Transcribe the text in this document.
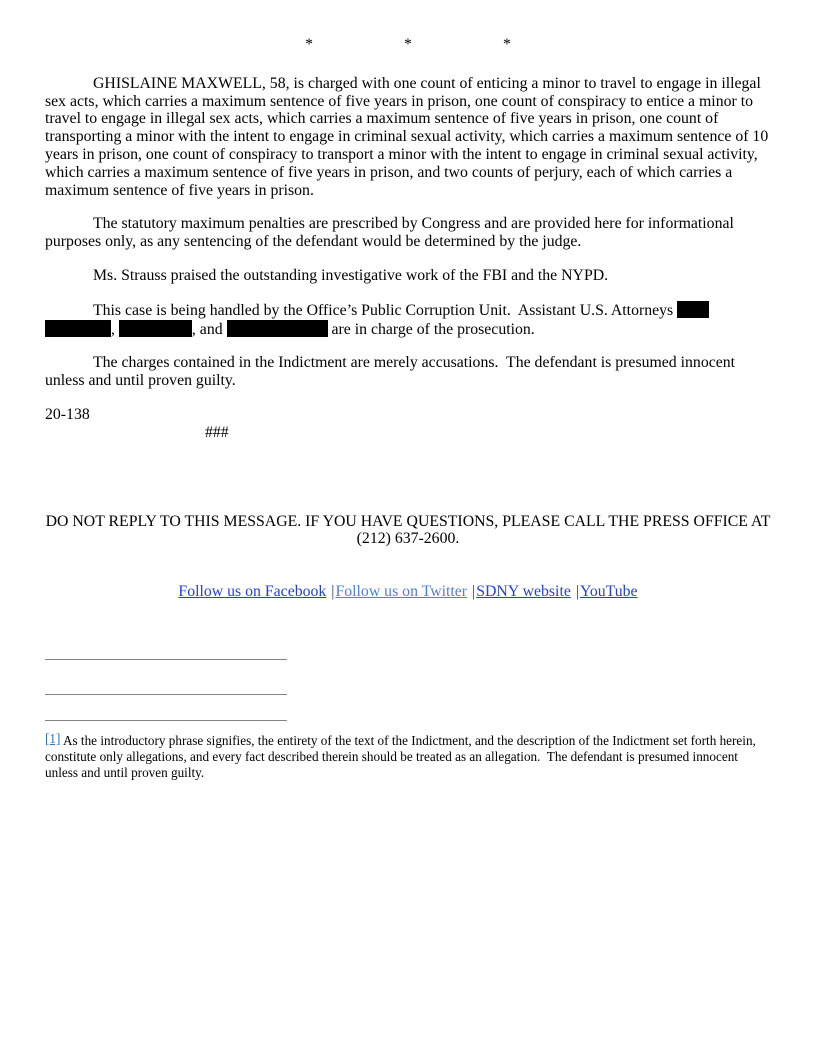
*	*	*

GHISLAINE MAXWELL, 58, is charged with one count of enticing a minor to travel to engage in illegal sex acts, which carries a maximum sentence of five years in prison, one count of conspiracy to entice a minor to travel to engage in illegal sex acts, which carries a maximum sentence of five years in prison, one count of transporting a minor with the intent to engage in criminal sexual activity, which carries a maximum sentence of 10 years in prison, one count of conspiracy to transport a minor with the intent to engage in criminal sexual activity, which carries a maximum sentence of five years in prison, and two counts of perjury, each of which carries a maximum sentence of five years in prison.

The statutory maximum penalties are prescribed by Congress and are provided here for informational purposes only, as any sentencing of the defendant would be determined by the judge.

Ms. Strauss praised the outstanding investigative work of the FBI and the NYPD.

This case is being handled by the Office’s Public Corruption Unit.  Assistant U.S. Attorneys  ,	, and	are in charge of the prosecution.

The charges contained in the Indictment are merely accusations.  The defendant is presumed innocent unless and until proven guilty.

20-138

###

DO NOT REPLY TO THIS MESSAGE. IF YOU HAVE QUESTIONS, PLEASE CALL THE PRESS OFFICE AT (212) 637-2600.

Follow us on Facebook |Follow us on Twitter |SDNY website |YouTube

[1] As the introductory phrase signifies, the entirety of the text of the Indictment, and the description of the Indictment set forth herein, constitute only allegations, and every fact described therein should be treated as an allegation.  The defendant is presumed innocent unless and until proven guilty.
